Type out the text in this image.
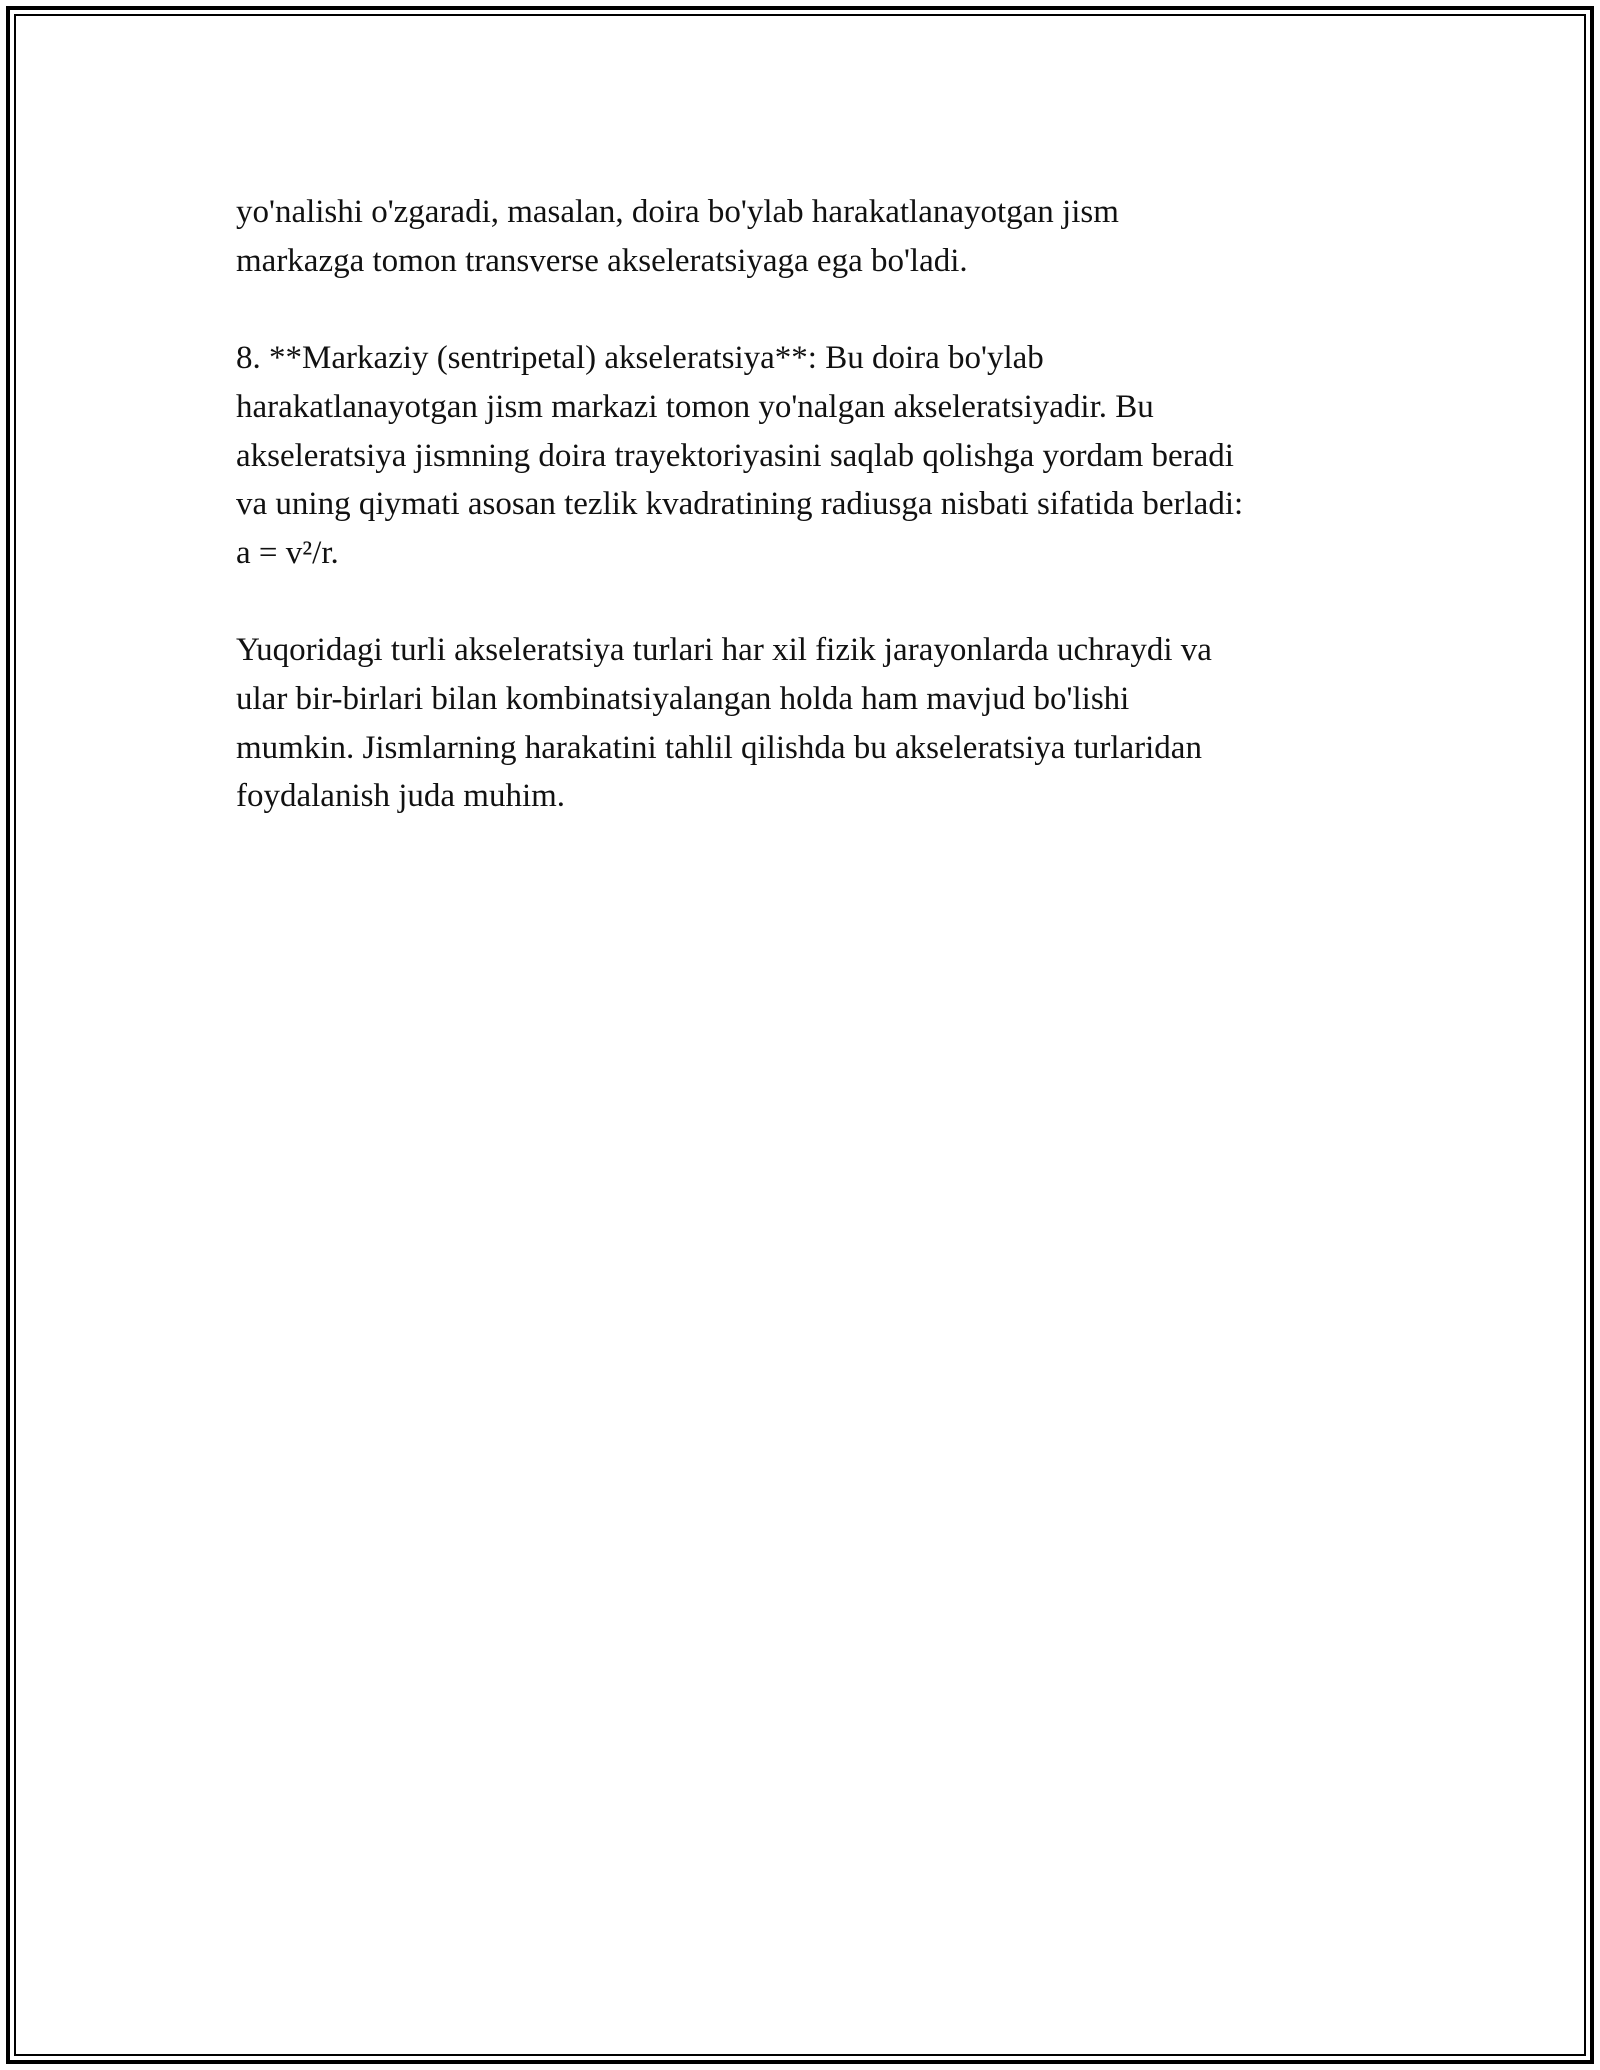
yo'nalishi o'zgaradi, masalan, doira bo'ylab harakatlanayotgan jism
markazga tomon transverse akseleratsiyaga ega bo'ladi.

8. **Markaziy (sentripetal) akseleratsiya**: Bu doira bo'ylab
harakatlanayotgan jism markazi tomon yo'nalgan akseleratsiyadir. Bu
akseleratsiya jismning doira trayektoriyasini saqlab qolishga yordam beradi
va uning qiymati asosan tezlik kvadratining radiusga nisbati sifatida berladi:
a = v²/r.

Yuqoridagi turli akseleratsiya turlari har xil fizik jarayonlarda uchraydi va
ular bir-birlari bilan kombinatsiyalangan holda ham mavjud bo'lishi
mumkin. Jismlarning harakatini tahlil qilishda bu akseleratsiya turlaridan
foydalanish juda muhim.
